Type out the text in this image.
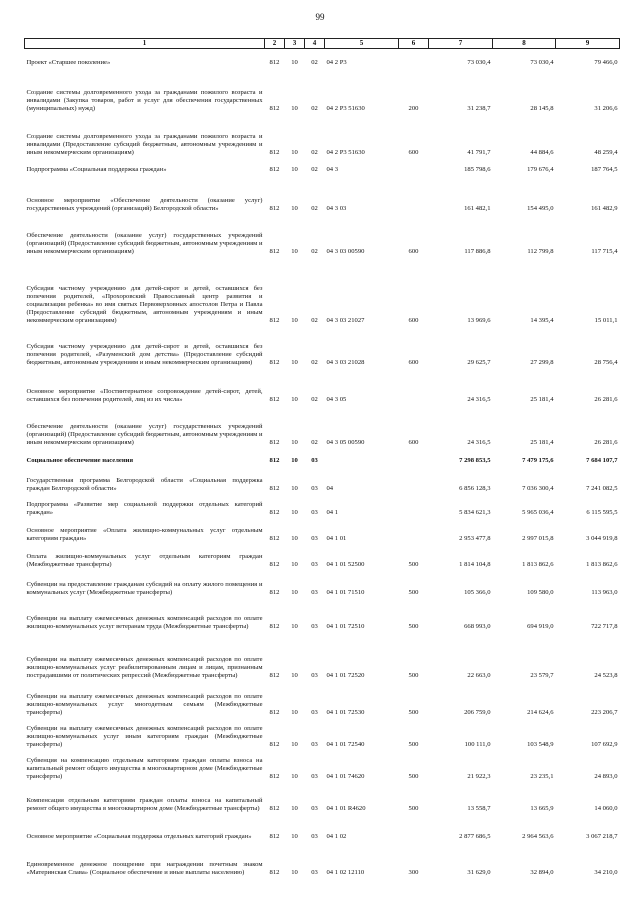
99
1	2	3	4	5	6	7	8	9
Проект «Старшее поколение»	812	10	02	04 2 Р3		73 030,4	73 030,4	79 466,0
Создание системы долговременного ухода за гражданами пожилого возраста и инвалидами (Закупка товаров, работ и услуг для обеспечения государственных (муниципальных) нужд)	812	10	02	04 2 Р3 51630	200	31 238,7	28 145,8	31 206,6
Создание системы долговременного ухода за гражданами пожилого возраста и инвалидами (Предоставление субсидий бюджетным, автономным учреждениям и иным некоммерческим организациям)	812	10	02	04 2 Р3 51630	600	41 791,7	44 884,6	48 259,4
Подпрограмма «Социальная поддержка граждан»	812	10	02	04 3		185 798,6	179 676,4	187 764,5
Основное мероприятие «Обеспечение деятельности (оказание услуг) государственных учреждений (организаций) Белгородской области»	812	10	02	04 3 03		161 482,1	154 495,0	161 482,9
Обеспечение деятельности (оказание услуг) государственных учреждений (организаций) (Предоставление субсидий бюджетным, автономным учреждениям и иным некоммерческим организациям)	812	10	02	04 3 03 00590	600	117 886,8	112 799,8	117 715,4
Субсидия частному учреждению для детей-сирот и детей, оставшихся без попечения родителей, «Прохоровский Православный центр развития и социализации ребенка» во имя святых Первоверховных апостолов Петра и Павла (Предоставление субсидий бюджетным, автономным учреждениям и иным некоммерческим организациям)	812	10	02	04 3 03 21027	600	13 969,6	14 395,4	15 011,1
Субсидия частному учреждению для детей-сирот и детей, оставшихся без попечения родителей, «Разуменский дом детства» (Предоставление субсидий бюджетным, автономным учреждениям и иным некоммерческим организациям)	812	10	02	04 3 03 21028	600	29 625,7	27 299,8	28 756,4
Основное мероприятие «Постинтернатное сопровождение детей-сирот, детей, оставшихся без попечения родителей, лиц из их числа»	812	10	02	04 3 05		24 316,5	25 181,4	26 281,6
Обеспечение деятельности (оказание услуг) государственных учреждений (организаций) (Предоставление субсидий бюджетным, автономным учреждениям и иным некоммерческим организациям)	812	10	02	04 3 05 00590	600	24 316,5	25 181,4	26 281,6
Социальное обеспечение населения	812	10	03			7 298 853,5	7 479 175,6	7 684 107,7
Государственная программа Белгородской области «Социальная поддержка граждан Белгородской области»	812	10	03	04		6 856 128,3	7 036 300,4	7 241 082,5
Подпрограмма «Развитие мер социальной поддержки отдельных категорий граждан»	812	10	03	04 1		5 834 621,3	5 965 036,4	6 115 595,5
Основное мероприятие «Оплата жилищно-коммунальных услуг отдельным категориям граждан»	812	10	03	04 1 01		2 953 477,8	2 997 015,8	3 044 919,8
Оплата жилищно-коммунальных услуг отдельным категориям граждан (Межбюджетные трансферты)	812	10	03	04 1 01 52500	500	1 814 104,8	1 813 862,6	1 813 862,6
Субвенции на предоставление гражданам субсидий на оплату жилого помещения и коммунальных услуг (Межбюджетные трансферты)	812	10	03	04 1 01 71510	500	105 366,0	109 580,0	113 963,0
Субвенции на выплату ежемесячных денежных компенсаций расходов по оплате жилищно-коммунальных услуг ветеранам труда (Межбюджетные трансферты)	812	10	03	04 1 01 72510	500	668 993,0	694 919,0	722 717,8
Субвенции на выплату ежемесячных денежных компенсаций расходов по оплате жилищно-коммунальных услуг реабилитированным лицам и лицам, признанным пострадавшими от политических репрессий (Межбюджетные трансферты)	812	10	03	04 1 01 72520	500	22 663,0	23 579,7	24 523,8
Субвенции на выплату ежемесячных денежных компенсаций расходов по оплате жилищно-коммунальных услуг многодетным семьям (Межбюджетные трансферты)	812	10	03	04 1 01 72530	500	206 759,0	214 624,6	223 206,7
Субвенции на выплату ежемесячных денежных компенсаций расходов по оплате жилищно-коммунальных услуг иным категориям граждан (Межбюджетные трансферты)	812	10	03	04 1 01 72540	500	100 111,0	103 548,9	107 692,9
Субвенция на компенсацию отдельным категориям граждан оплаты взноса на капитальный ремонт общего имущества в многоквартирном доме (Межбюджетные трансферты)	812	10	03	04 1 01 74620	500	21 922,3	23 235,1	24 893,0
Компенсация отдельным категориям граждан оплаты взноса на капитальный ремонт общего имущества в многоквартирном доме (Межбюджетные трансферты)	812	10	03	04 1 01 R4620	500	13 558,7	13 665,9	14 060,0
Основное мероприятие «Социальная поддержка отдельных категорий граждан»	812	10	03	04 1 02		2 877 686,5	2 964 563,6	3 067 218,7
Единовременное денежное поощрение при награждении почетным знаком «Материнская Слава» (Социальное обеспечение и иные выплаты населению)	812	10	03	04 1 02 12110	300	31 629,0	32 894,0	34 210,0
